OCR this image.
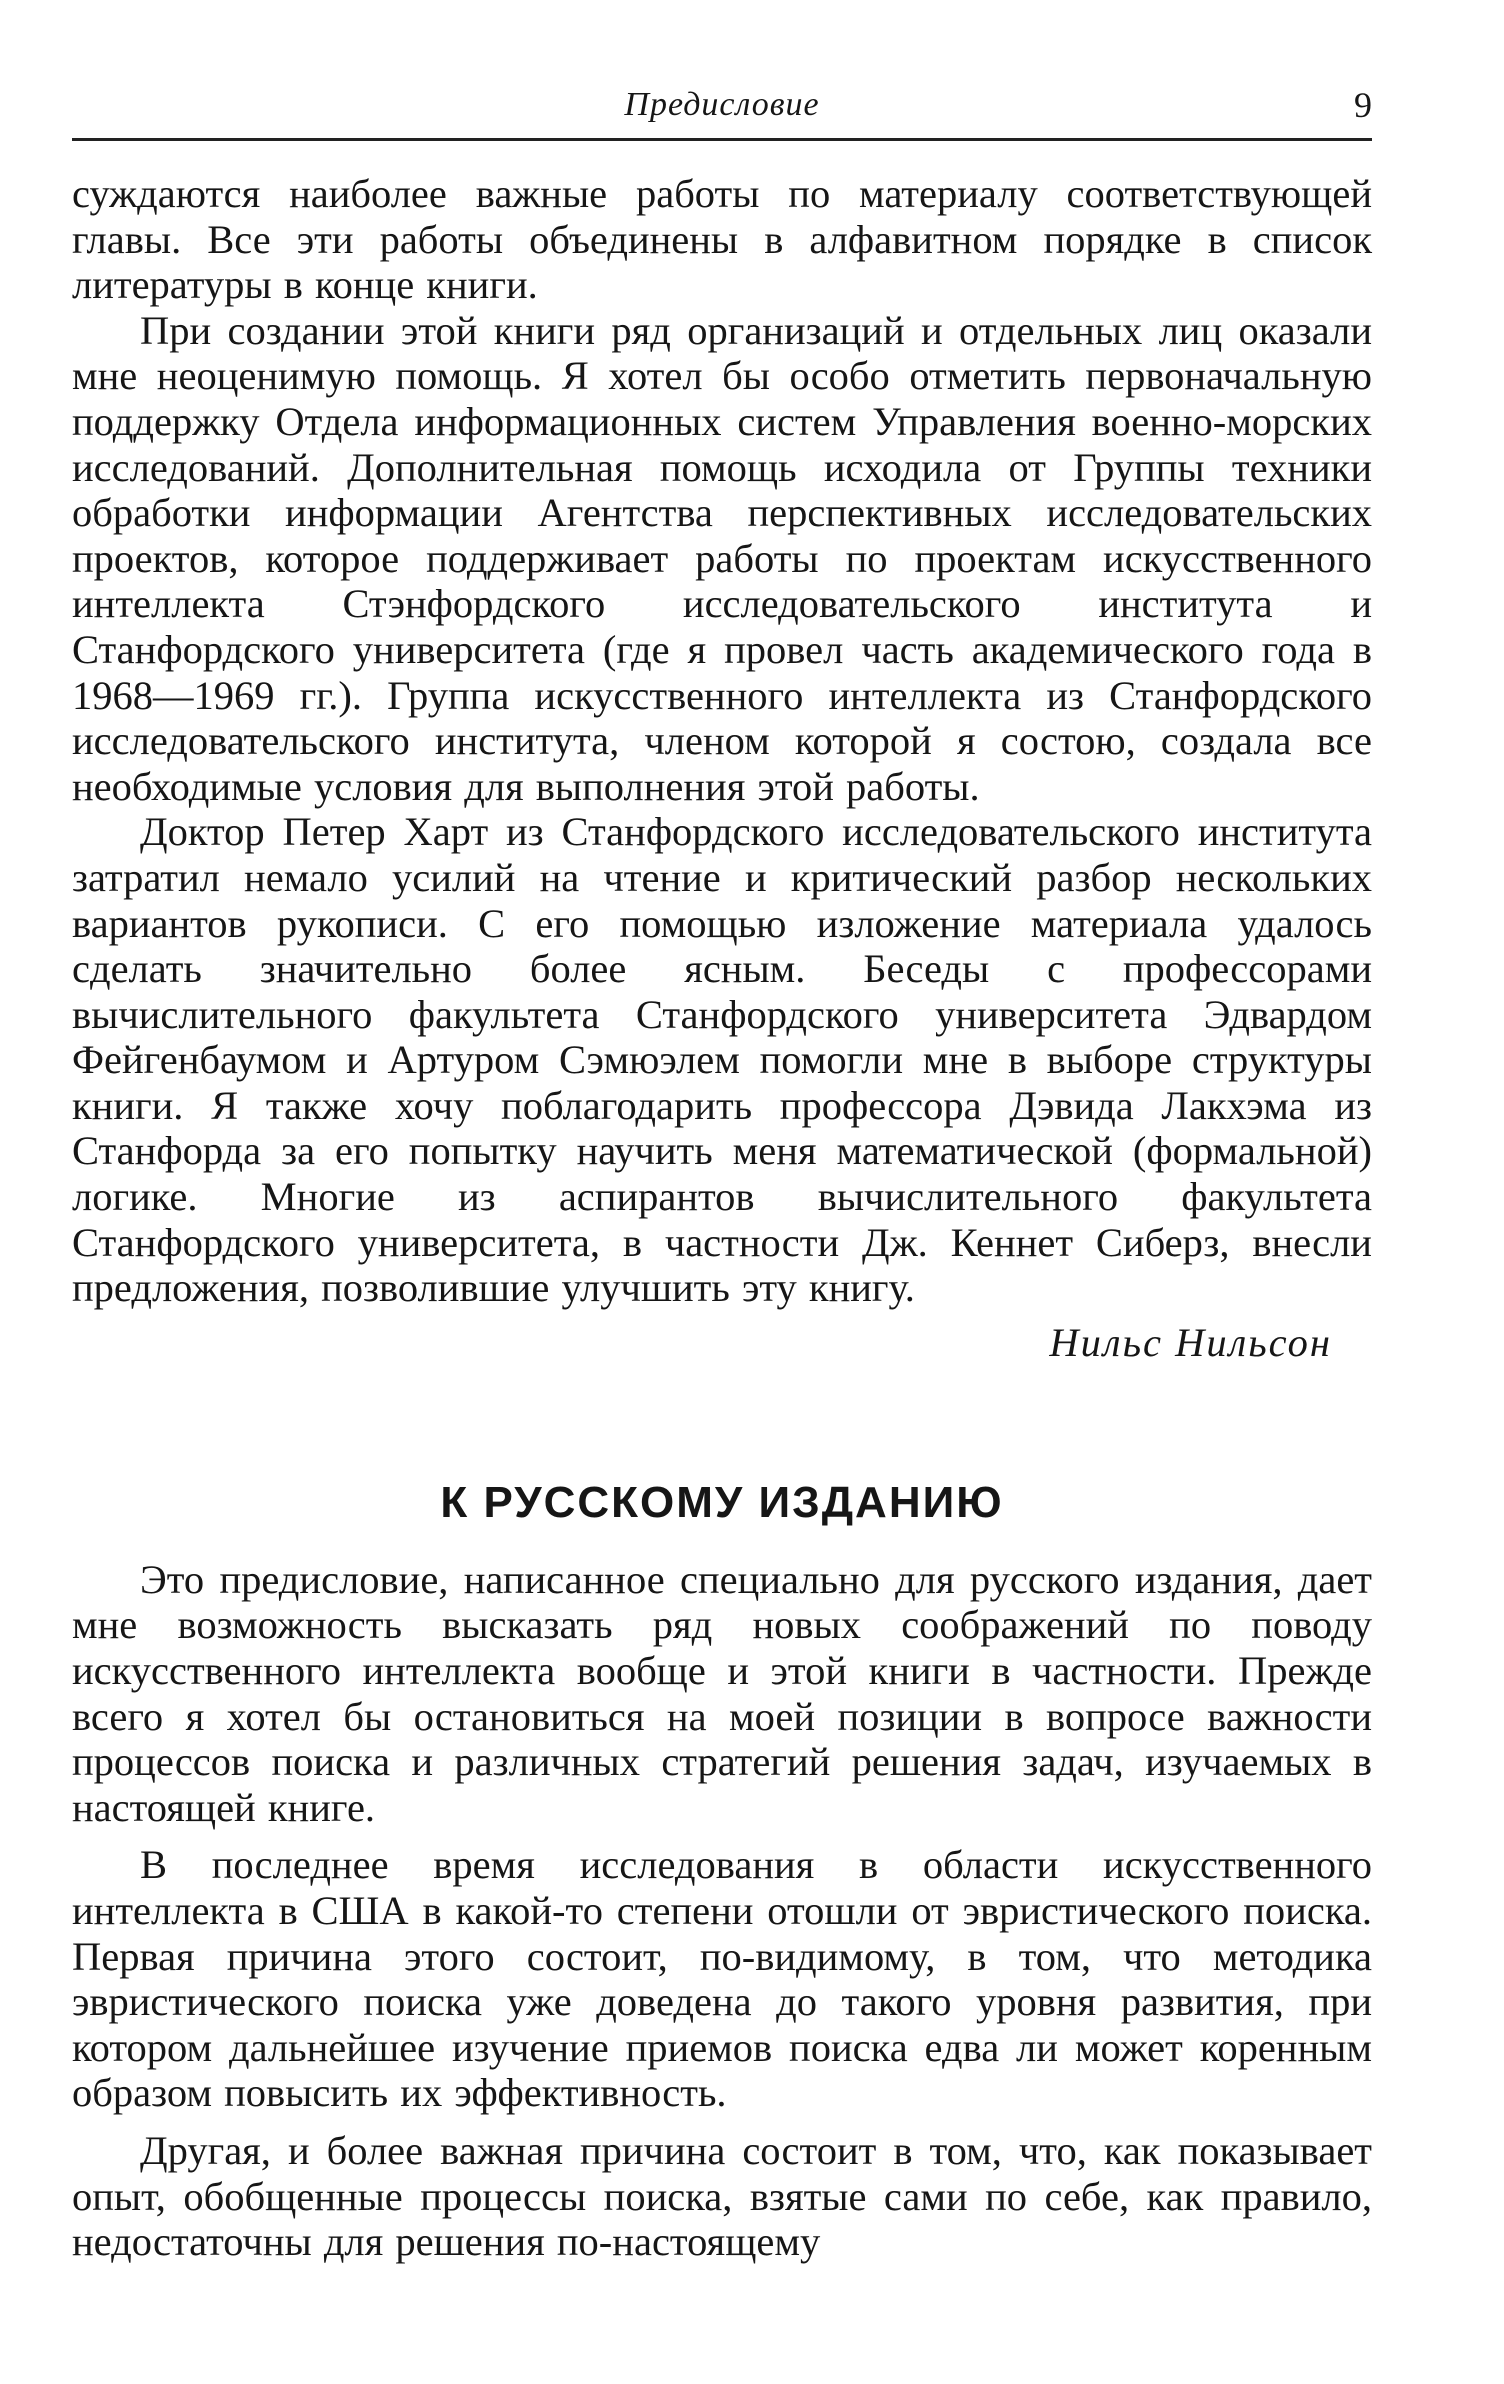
Предисловие	9

суждаются наиболее важные работы по материалу соответствующей главы. Все эти работы объединены в алфавитном порядке в список литературы в конце книги.

При создании этой книги ряд организаций и отдельных лиц оказали мне неоценимую помощь. Я хотел бы особо отметить первоначальную поддержку Отдела информационных систем Управления военно-морских исследований. Дополнительная помощь исходила от Группы техники обработки информации Агентства перспективных исследовательских проектов, которое поддерживает работы по проектам искусственного интеллекта Стэнфордского исследовательского института и Станфордского университета (где я провел часть академического года в 1968—1969 гг.). Группа искусственного интеллекта из Станфордского исследовательского института, членом которой я состою, создала все необходимые условия для выполнения этой работы.

Доктор Петер Харт из Станфордского исследовательского института затратил немало усилий на чтение и критический разбор нескольких вариантов рукописи. С его помощью изложение материала удалось сделать значительно более ясным. Беседы с профессорами вычислительного факультета Станфордского университета Эдвардом Фейгенбаумом и Артуром Сэмюэлем помогли мне в выборе структуры книги. Я также хочу поблагодарить профессора Дэвида Лакхэма из Станфорда за его попытку научить меня математической (формальной) логике. Многие из аспирантов вычислительного факультета Станфордского университета, в частности Дж. Кеннет Сиберз, внесли предложения, позволившие улучшить эту книгу.

Нильс Нильсон
К РУССКОМУ ИЗДАНИЮ

Это предисловие, написанное специально для русского издания, дает мне возможность высказать ряд новых соображений по поводу искусственного интеллекта вообще и этой книги в частности. Прежде всего я хотел бы остановиться на моей позиции в вопросе важности процессов поиска и различных стратегий решения задач, изучаемых в настоящей книге.

В последнее время исследования в области искусственного интеллекта в США в какой-то степени отошли от эвристического поиска. Первая причина этого состоит, по-видимому, в том, что методика эвристического поиска уже доведена до такого уровня развития, при котором дальнейшее изучение приемов поиска едва ли может коренным образом повысить их эффективность.

Другая, и более важная причина состоит в том, что, как показывает опыт, обобщенные процессы поиска, взятые сами по себе, как правило, недостаточны для решения по-настоящему
